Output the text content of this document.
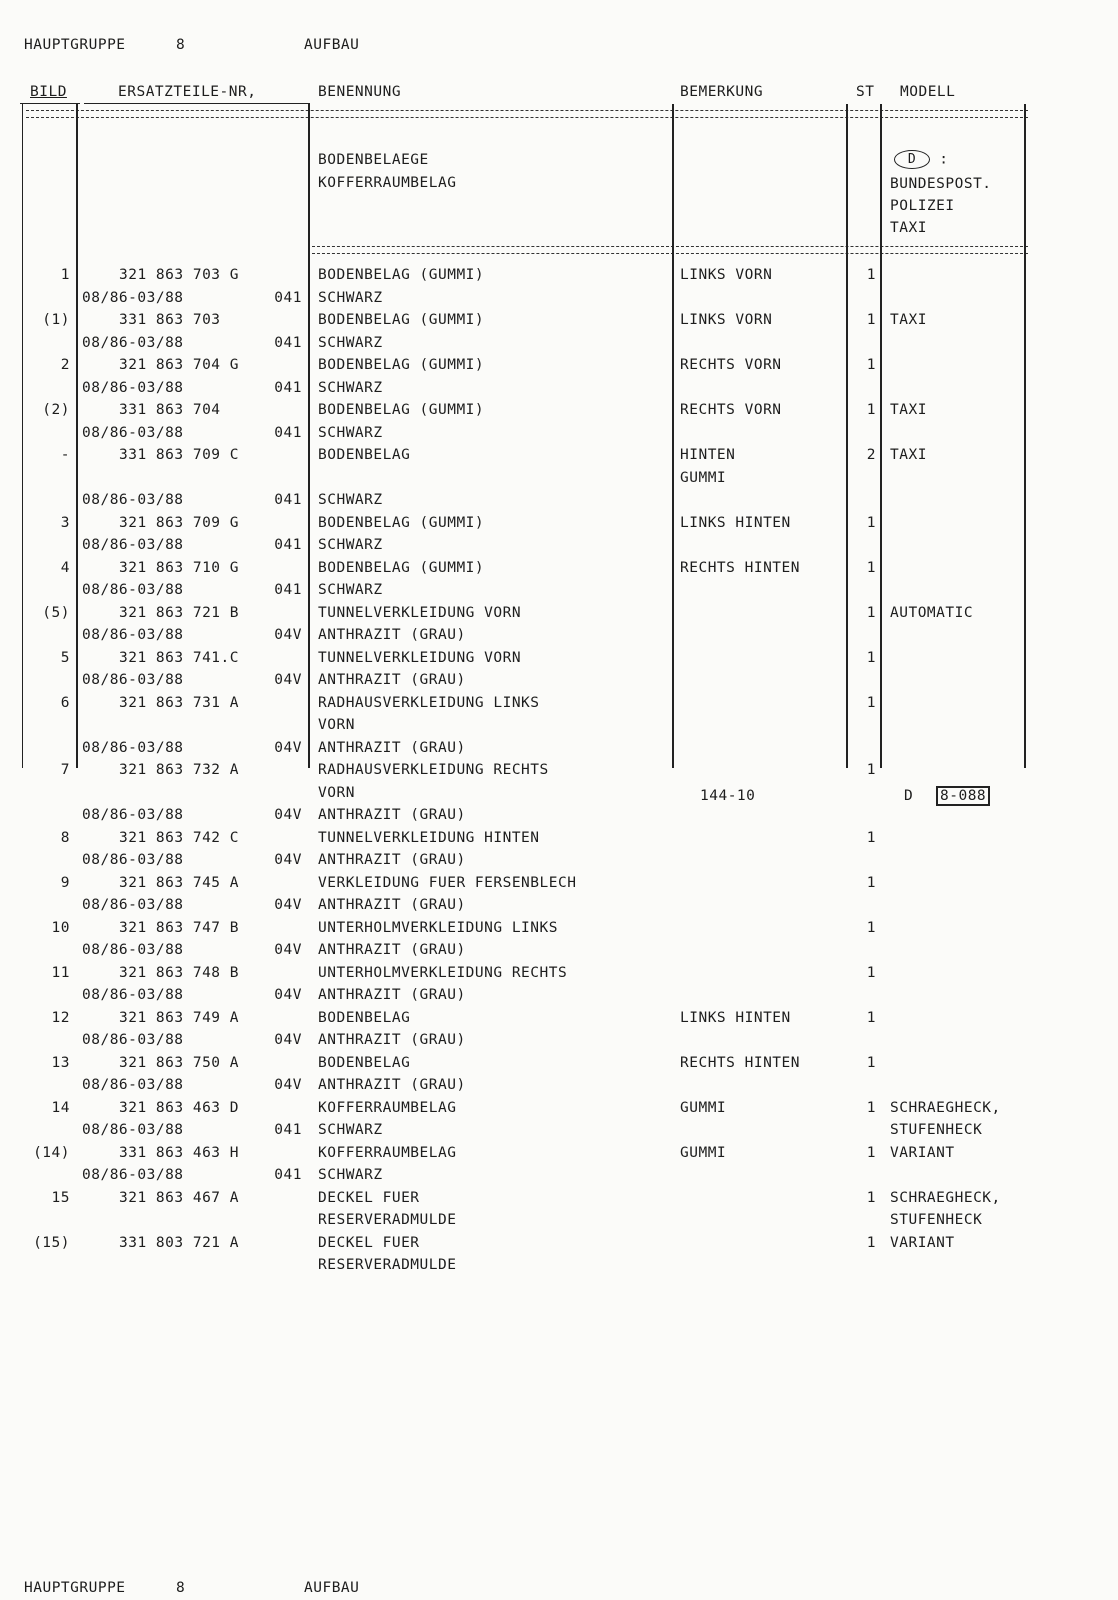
HAUPTGRUPPE	8	AUFBAU
BILD	ERSATZTEILE-NR,	BENENNUNG	BEMERKUNG	ST MODELL
BODENBELAEGE
KOFFERRAUMBELAG
D :
BUNDESPOST.
POLIZEI
TAXI
1	321 863 703 G	BODENBELAG (GUMMI)	LINKS VORN	1
08/86-03/88	041 SCHWARZ
(1)	331 863 703	BODENBELAG (GUMMI)	LINKS VORN	1 TAXI
08/86-03/88	041 SCHWARZ
2	321 863 704 G	BODENBELAG (GUMMI)	RECHTS VORN	1
08/86-03/88	041 SCHWARZ
(2)	331 863 704	BODENBELAG (GUMMI)	RECHTS VORN	1 TAXI
08/86-03/88	041 SCHWARZ
-	331 863 709 C	BODENBELAG	HINTEN	2 TAXI
GUMMI
08/86-03/88	041 SCHWARZ
3	321 863 709 G	BODENBELAG (GUMMI)	LINKS HINTEN	1
08/86-03/88	041 SCHWARZ
4	321 863 710 G	BODENBELAG (GUMMI)	RECHTS HINTEN	1
08/86-03/88	041 SCHWARZ
(5)	321 863 721 B	TUNNELVERKLEIDUNG VORN	1 AUTOMATIC
08/86-03/88	04V ANTHRAZIT (GRAU)
5	321 863 741.C	TUNNELVERKLEIDUNG VORN	1
08/86-03/88	04V ANTHRAZIT (GRAU)
6	321 863 731 A	RADHAUSVERKLEIDUNG LINKS	1
VORN
08/86-03/88	04V ANTHRAZIT (GRAU)
7	321 863 732 A	RADHAUSVERKLEIDUNG RECHTS	1
VORN
08/86-03/88	04V ANTHRAZIT (GRAU)
8	321 863 742 C	TUNNELVERKLEIDUNG HINTEN	1
08/86-03/88	04V ANTHRAZIT (GRAU)
9	321 863 745 A	VERKLEIDUNG FUER FERSENBLECH	1
08/86-03/88	04V ANTHRAZIT (GRAU)
10	321 863 747 B	UNTERHOLMVERKLEIDUNG LINKS	1
08/86-03/88	04V ANTHRAZIT (GRAU)
11	321 863 748 B	UNTERHOLMVERKLEIDUNG RECHTS	1
08/86-03/88	04V ANTHRAZIT (GRAU)
12	321 863 749 A	BODENBELAG	LINKS HINTEN	1
08/86-03/88	04V ANTHRAZIT (GRAU)
13	321 863 750 A	BODENBELAG	RECHTS HINTEN	1
08/86-03/88	04V ANTHRAZIT (GRAU)
14	321 863 463 D	KOFFERRAUMBELAG	GUMMI	1 SCHRAEGHECK,
08/86-03/88	041 SCHWARZ	STUFENHECK
(14)	331 863 463 H	KOFFERRAUMBELAG	GUMMI	1 VARIANT
08/86-03/88	041 SCHWARZ
15	321 863 467 A	DECKEL FUER	1 SCHRAEGHECK,
RESERVERADMULDE	STUFENHECK
(15)	331 803 721 A	DECKEL FUER	1 VARIANT
RESERVERADMULDE
144-10	D 8-088
HAUPTGRUPPE	8	AUFBAU
